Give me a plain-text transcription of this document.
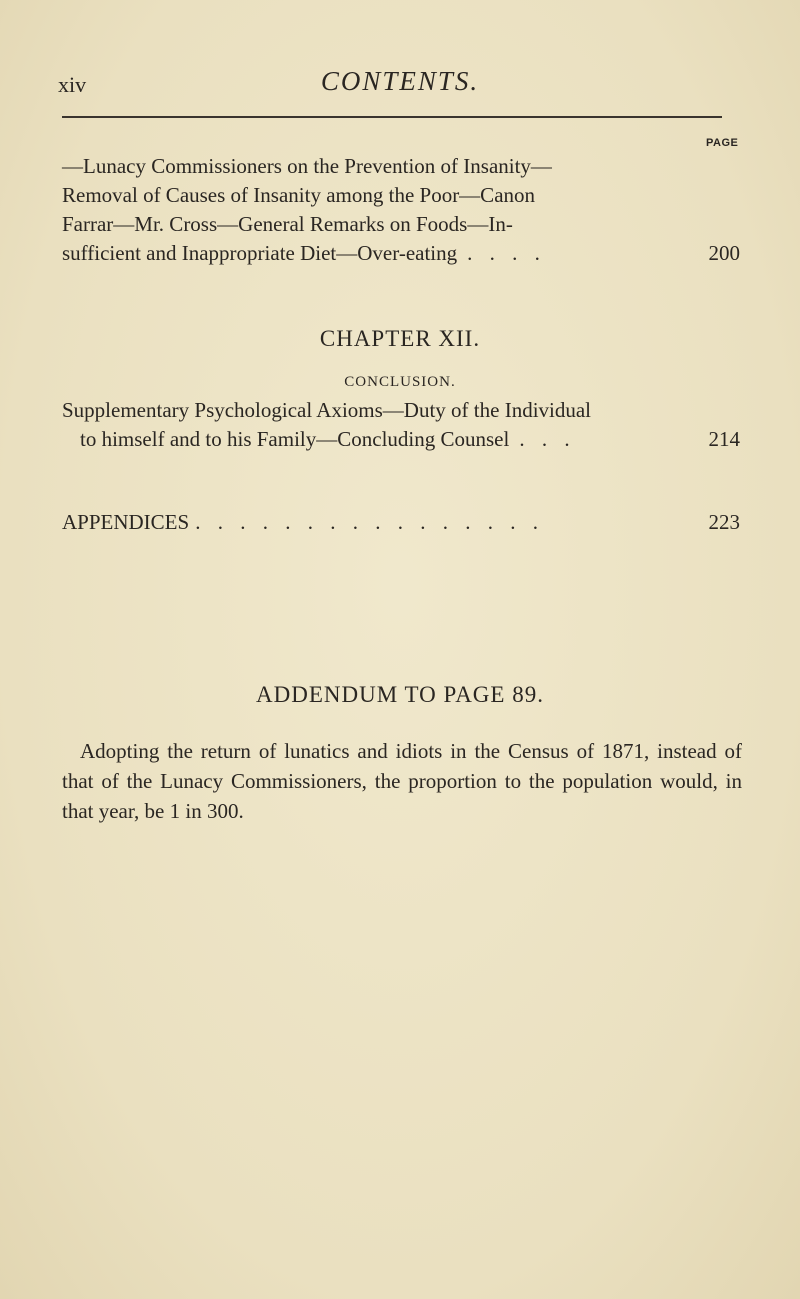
xiv	CONTENTS.
PAGE
—Lunacy Commissioners on the Prevention of Insanity—
Removal of Causes of Insanity among the Poor—Canon
Farrar—Mr. Cross—General Remarks on Foods—In-
sufficient and Inappropriate Diet—Over-eating . . . .	200
CHAPTER XII.
CONCLUSION.
Supplementary Psychological Axioms—Duty of the Individual
to himself and to his Family—Concluding Counsel . . .	214
APPENDICES . . . . . . . . . . . . . . . .	223
ADDENDUM TO PAGE 89.

Adopting the return of lunatics and idiots in the Census of 1871, instead of that of the Lunacy Commissioners, the proportion to the population would, in that year, be 1 in 300.
